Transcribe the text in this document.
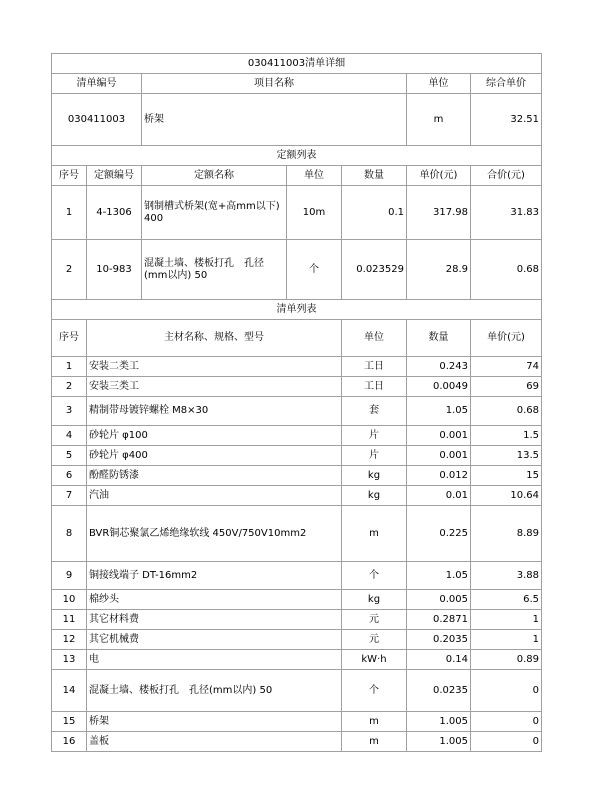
030411003清单详细							
清单编号		项目名称			单位	综合单价	
030411003		桥架			m	32.51	
定额列表							
序号	定额编号	定额名称	单位	数量	单价(元)	合价(元)	
1	4-1306	钢制槽式桥架(宽+高mm以下) 400	10m	0.1	317.98	31.83	
2	10-983	混凝土墙、楼板打孔　孔径(mm以内) 50	个	0.023529	28.9	0.68	
清单列表							
序号	主材名称、规格、型号			单位	数量	单价(元)	
1	安装二类工			工日	0.243	74	
2	安装三类工			工日	0.0049	69	
3	精制带母镀锌螺栓 M8×30			套	1.05	0.68	
4	砂轮片 φ100			片	0.001	1.5	
5	砂轮片 φ400			片	0.001	13.5	
6	酚醛防锈漆			kg	0.012	15	
7	汽油			kg	0.01	10.64	
8	BVR铜芯聚氯乙烯绝缘软线 450V/750V10mm2			m	0.225	8.89	
9	铜接线端子 DT-16mm2			个	1.05	3.88	
10	棉纱头			kg	0.005	6.5	
11	其它材料费			元	0.2871	1	
12	其它机械费			元	0.2035	1	
13	电			kW·h	0.14	0.89	
14	混凝土墙、楼板打孔　孔径(mm以内) 50			个	0.0235	0	
15	桥架			m	1.005	0	
16	盖板			m	1.005	0	
